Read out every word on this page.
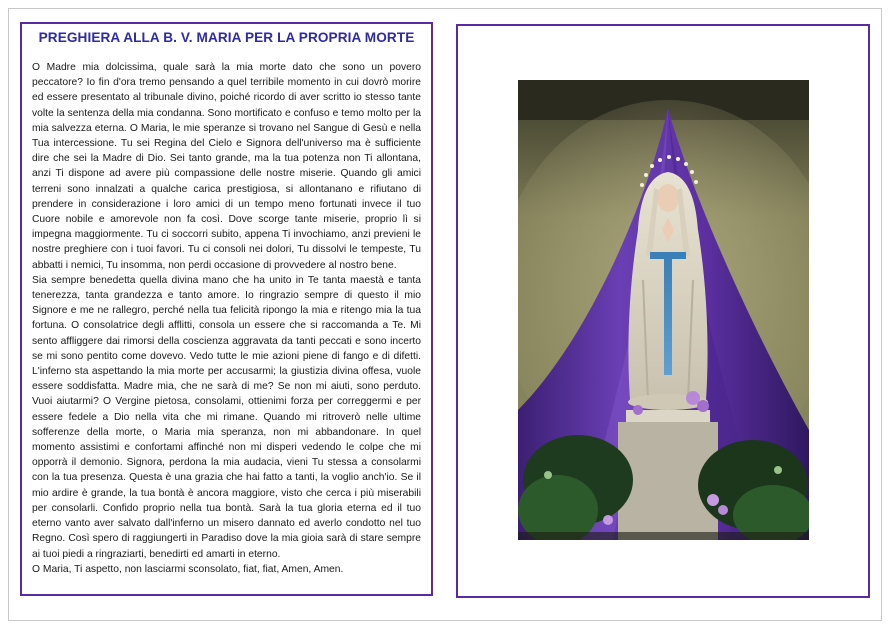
PREGHIERA ALLA B. V. MARIA PER LA PROPRIA MORTE

O Madre mia dolcissima, quale sarà la mia morte dato che sono un povero peccatore? Io fin d'ora tremo pensando a quel terribile momento in cui dovrò morire ed essere presentato al tribunale divino, poiché ricordo di aver scritto io stesso tante volte la sentenza della mia condanna. Sono mortificato e confuso e temo molto per la mia salvezza eterna. O Maria, le mie speranze si trovano nel Sangue di Gesù e nella Tua intercessione. Tu sei Regina del Cielo e Signora dell'universo ma è sufficiente dire che sei la Madre di Dio. Sei tanto grande, ma la tua potenza non Ti allontana, anzi Ti dispone ad avere più compassione delle nostre miserie. Quando gli amici terreni sono innalzati a qualche carica prestigiosa, si allontanano e rifiutano di prendere in considerazione i loro amici di un tempo meno fortunati invece il tuo Cuore nobile e amorevole non fa così. Dove scorge tante miserie, proprio lì si impegna maggiormente. Tu ci soccorri subito, appena Ti invochiamo, anzi previeni le nostre preghiere con i tuoi favori. Tu ci consoli nei dolori, Tu dissolvi le tempeste, Tu abbatti i nemici, Tu insomma, non perdi occasione di provvedere al nostro bene.

Sia sempre benedetta quella divina mano che ha unito in Te tanta maestà e tanta tenerezza, tanta grandezza e tanto amore. Io ringrazio sempre di questo il mio Signore e me ne rallegro, perché nella tua felicità ripongo la mia e ritengo mia la tua fortuna. O consolatrice degli afflitti, consola un essere che si raccomanda a Te. Mi sento affliggere dai rimorsi della coscienza aggravata da tanti peccati e sono incerto se mi sono pentito come dovevo. Vedo tutte le mie azioni piene di fango e di difetti. L'inferno sta aspettando la mia morte per accusarmi; la giustizia divina offesa, vuole essere soddisfatta. Madre mia, che ne sarà di me? Se non mi aiuti, sono perduto. Vuoi aiutarmi? O Vergine pietosa, consolami, ottienimi forza per correggermi e per essere fedele a Dio nella vita che mi rimane. Quando mi ritroverò nelle ultime sofferenze della morte, o Maria mia speranza, non mi abbandonare. In quel momento assistimi e confortami affinché non mi disperi vedendo le colpe che mi opporrà il demonio. Signora, perdona la mia audacia, vieni Tu stessa a consolarmi con la tua presenza. Questa è una grazia che hai fatto a tanti, la voglio anch'io. Se il mio ardire è grande, la tua bontà è ancora maggiore, visto che cerca i più miserabili per consolarli. Confido proprio nella tua bontà. Sarà la tua gloria eterna ed il tuo eterno vanto aver salvato dall'inferno un misero dannato ed averlo condotto nel tuo Regno. Così spero di raggiungerti in Paradiso dove la mia gioia sarà di stare sempre ai tuoi piedi a ringraziarti, benedirti ed amarti in eterno.

O Maria, Ti aspetto, non lasciarmi sconsolato, fiat, fiat, Amen, Amen.
